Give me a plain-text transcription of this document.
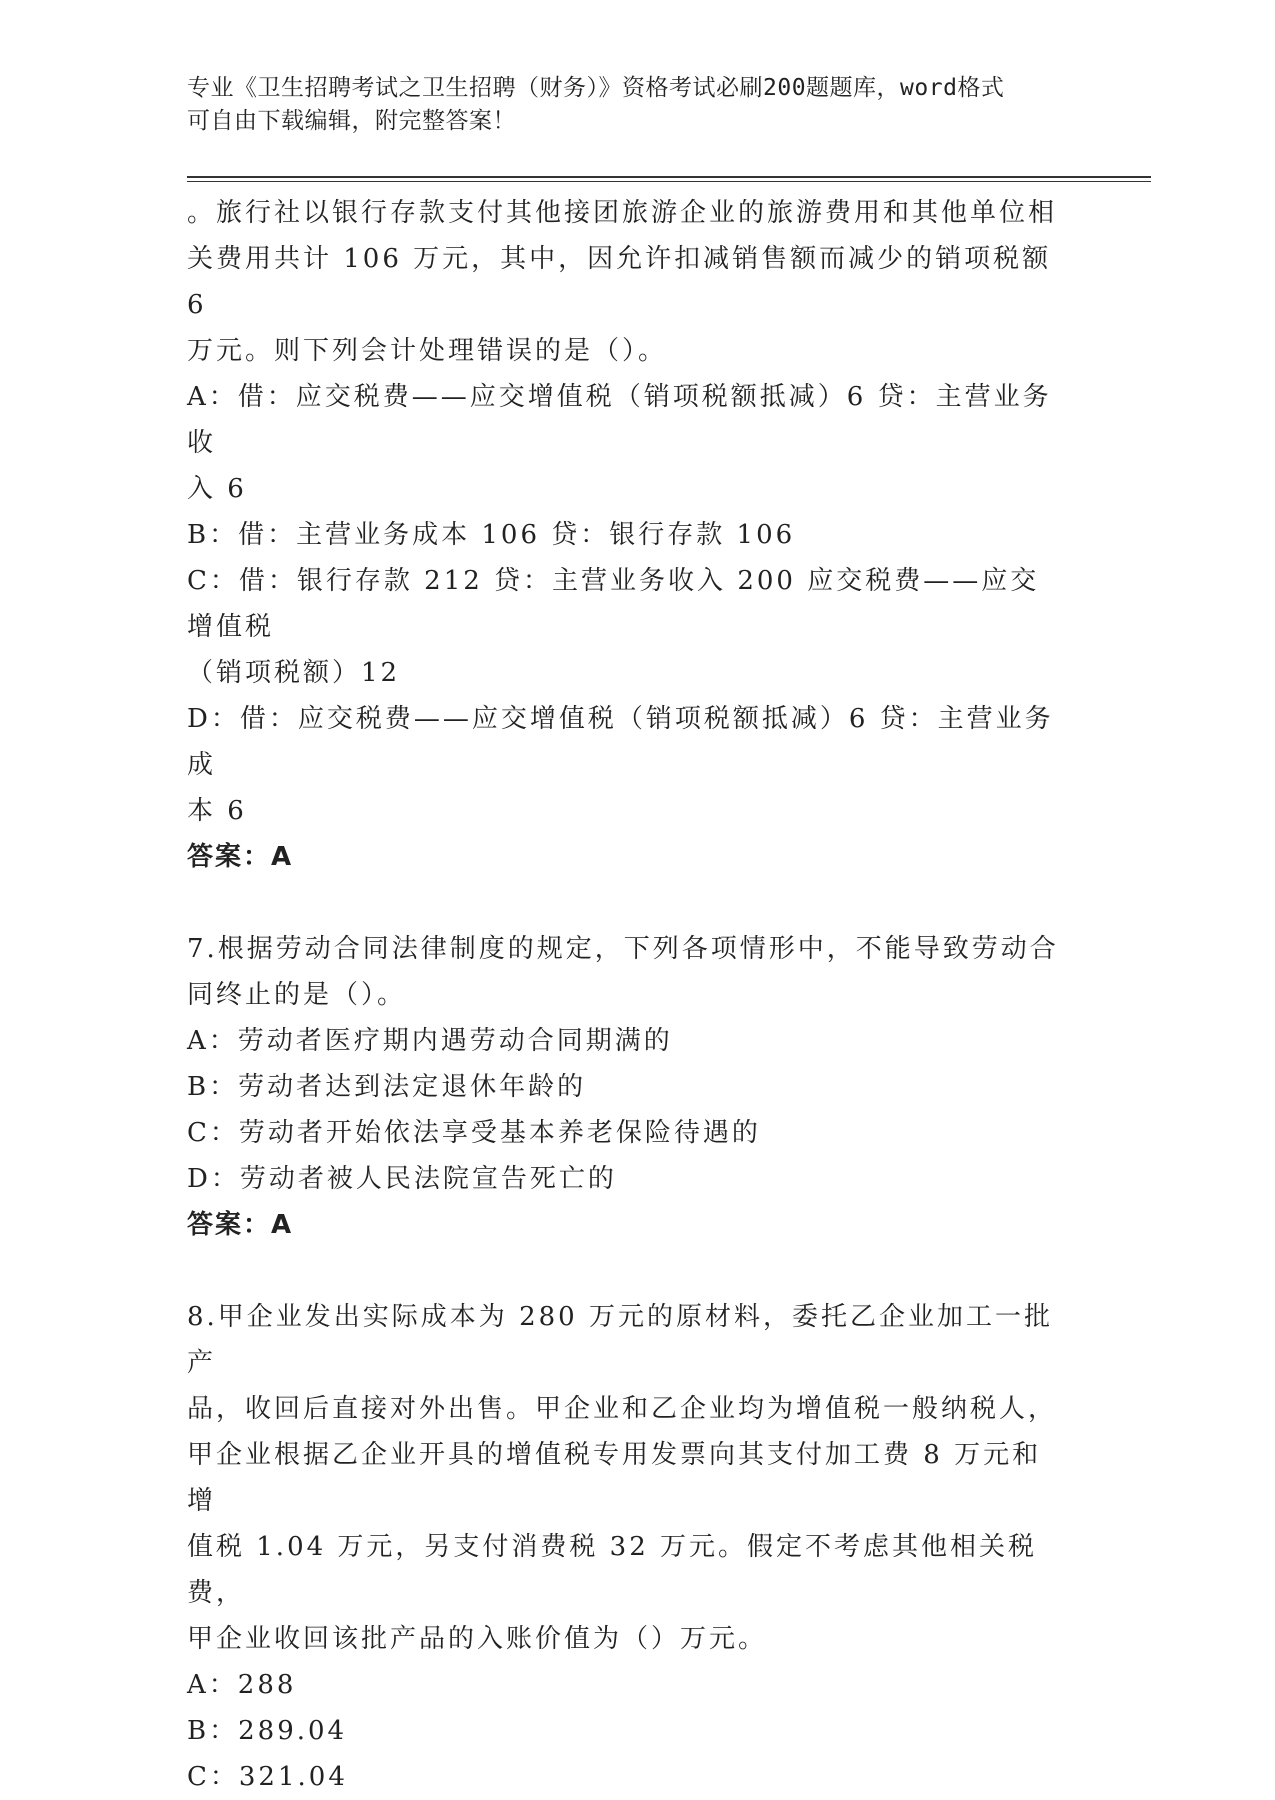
专业《卫生招聘考试之卫生招聘（财务）》资格考试必刷200题题库，word格式
可自由下载编辑，附完整答案！

。旅行社以银行存款支付其他接团旅游企业的旅游费用和其他单位相

关费用共计 106 万元，其中，因允许扣减销售额而减少的销项税额 6

万元。则下列会计处理错误的是（）。

A：借：应交税费——应交增值税（销项税额抵减）6 贷：主营业务收

入 6

B：借：主营业务成本 106 贷：银行存款 106

C：借：银行存款 212 贷：主营业务收入 200 应交税费——应交增值税

（销项税额）12

D：借：应交税费——应交增值税（销项税额抵减）6 贷：主营业务成

本 6

答案：A

7.根据劳动合同法律制度的规定，下列各项情形中，不能导致劳动合

同终止的是（）。

A：劳动者医疗期内遇劳动合同期满的

B：劳动者达到法定退休年龄的

C：劳动者开始依法享受基本养老保险待遇的

D：劳动者被人民法院宣告死亡的

答案：A

8.甲企业发出实际成本为 280 万元的原材料，委托乙企业加工一批产

品，收回后直接对外出售。甲企业和乙企业均为增值税一般纳税人，

甲企业根据乙企业开具的增值税专用发票向其支付加工费 8 万元和增

值税 1.04 万元，另支付消费税 32 万元。假定不考虑其他相关税费，

甲企业收回该批产品的入账价值为（）万元。

A：288

B：289.04

C：321.04
